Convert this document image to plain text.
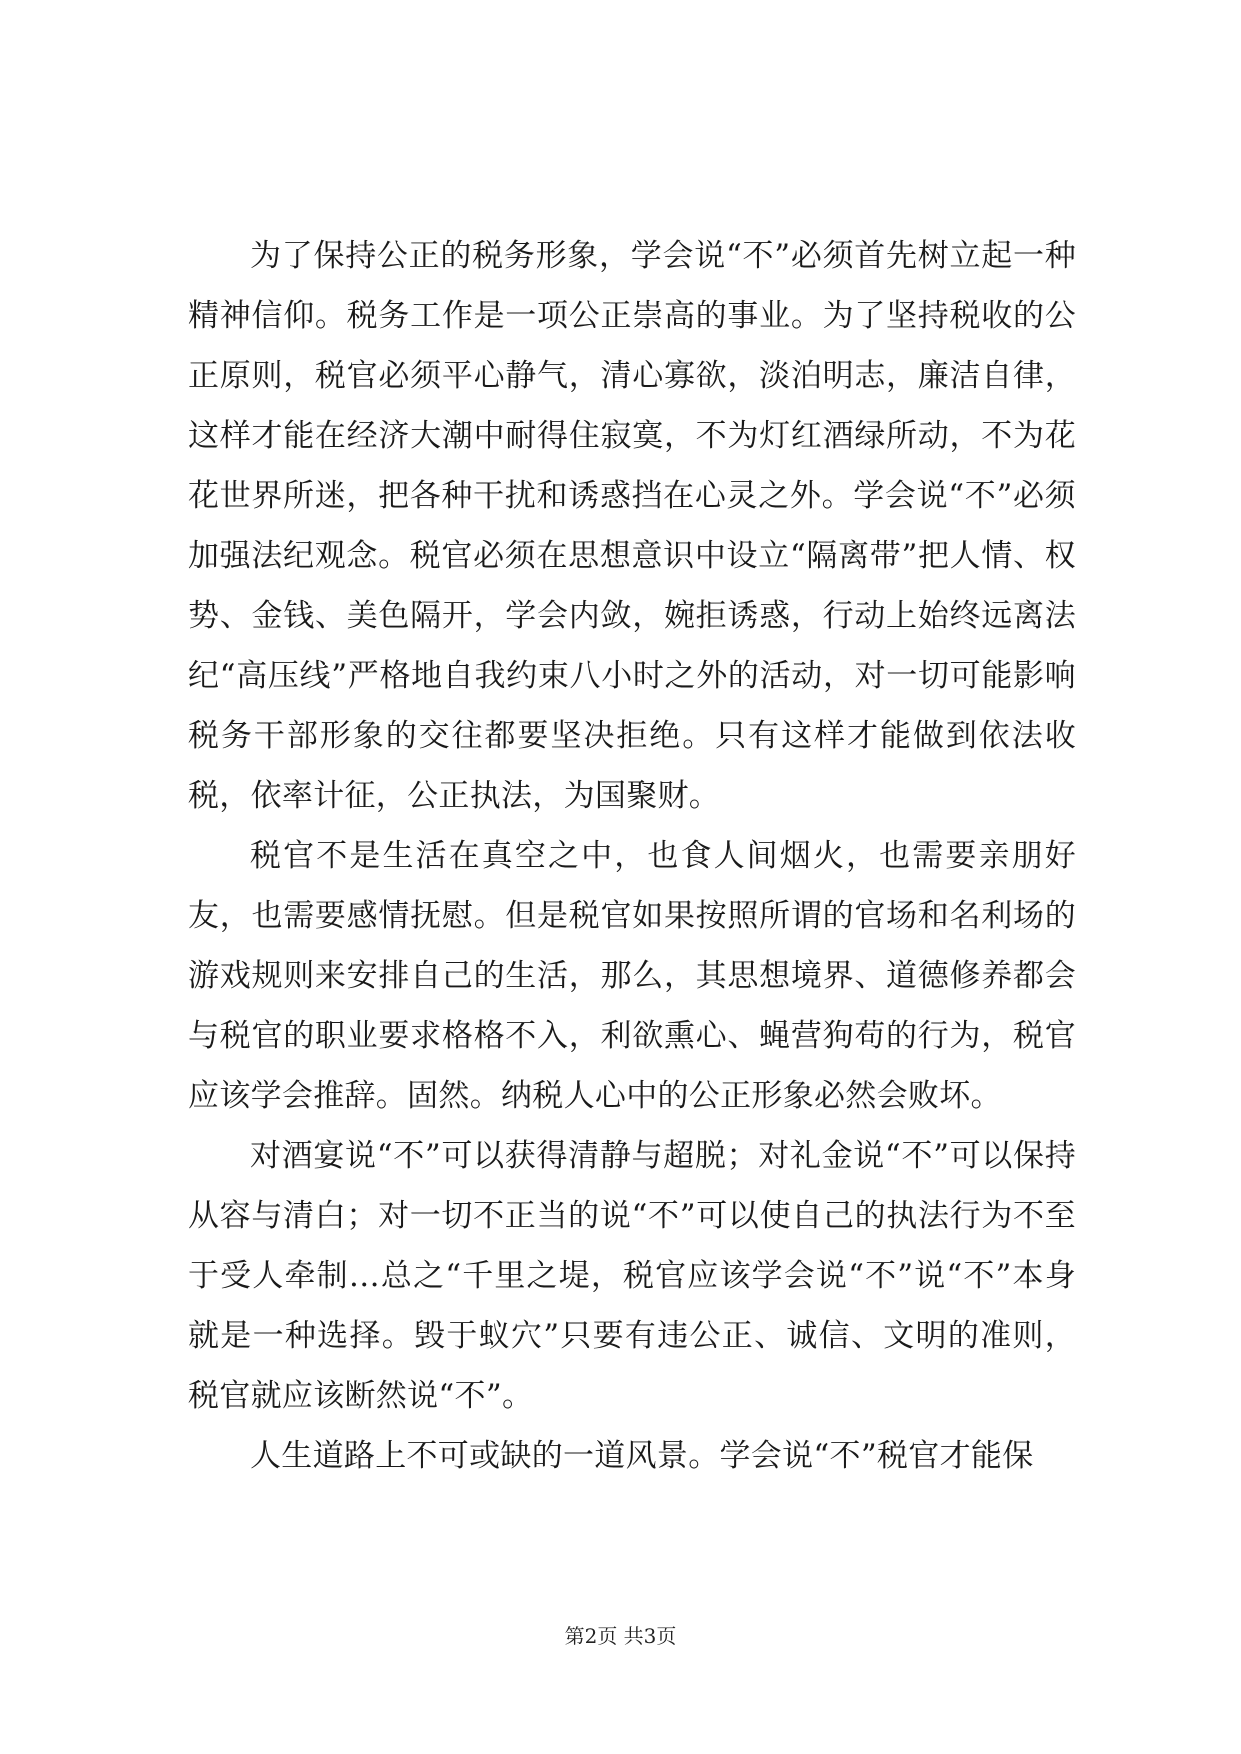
为了保持公正的税务形象，学会说“不”必须首先树立起一种精神信仰。税务工作是一项公正崇高的事业。为了坚持税收的公正原则，税官必须平心静气，清心寡欲，淡泊明志，廉洁自律，这样才能在经济大潮中耐得住寂寞，不为灯红酒绿所动，不为花花世界所迷，把各种干扰和诱惑挡在心灵之外。学会说“不”必须加强法纪观念。税官必须在思想意识中设立“隔离带”把人情、权势、金钱、美色隔开，学会内敛，婉拒诱惑，行动上始终远离法纪“高压线”严格地自我约束八小时之外的活动，对一切可能影响税务干部形象的交往都要坚决拒绝。只有这样才能做到依法收税，依率计征，公正执法，为国聚财。

税官不是生活在真空之中，也食人间烟火，也需要亲朋好友，也需要感情抚慰。但是税官如果按照所谓的官场和名利场的游戏规则来安排自己的生活，那么，其思想境界、道德修养都会与税官的职业要求格格不入，利欲熏心、蝇营狗苟的行为，税官应该学会推辞。固然。纳税人心中的公正形象必然会败坏。

对酒宴说“不”可以获得清静与超脱；对礼金说“不”可以保持从容与清白；对一切不正当的说“不”可以使自己的执法行为不至于受人牵制…总之“千里之堤，税官应该学会说“不”说“不”本身就是一种选择。毁于蚁穴”只要有违公正、诚信、文明的准则，税官就应该断然说“不”。

人生道路上不可或缺的一道风景。学会说“不”税官才能保

第2页 共3页
